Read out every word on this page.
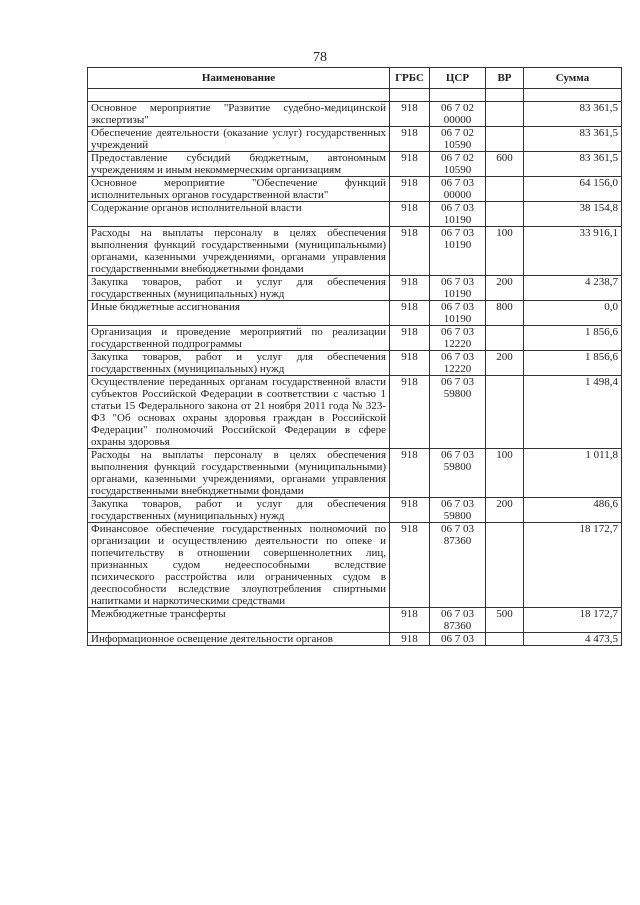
78
Наименование	ГРБС	ЦСР	ВР	Сумма

Основное мероприятие "Развитие судебно-медицинской экспертизы"	918	06 7 02 00000		83 361,5
Обеспечение деятельности (оказание услуг) государственных учреждений	918	06 7 02 10590		83 361,5
Предоставление субсидий бюджетным, автономным учреждениям и иным некоммерческим организациям	918	06 7 02 10590	600	83 361,5
Основное мероприятие "Обеспечение функций исполнительных органов государственной власти"	918	06 7 03 00000		64 156,0
Содержание органов исполнительной власти	918	06 7 03 10190		38 154,8
Расходы на выплаты персоналу в целях обеспечения выполнения функций государственными (муниципальными) органами, казенными учреждениями, органами управления государственными внебюджетными фондами	918	06 7 03 10190	100	33 916,1
Закупка товаров, работ и услуг для обеспечения государственных (муниципальных) нужд	918	06 7 03 10190	200	4 238,7
Иные бюджетные ассигнования	918	06 7 03 10190	800	0,0
Организация и проведение мероприятий по реализации государственной подпрограммы	918	06 7 03 12220		1 856,6
Закупка товаров, работ и услуг для обеспечения государственных (муниципальных) нужд	918	06 7 03 12220	200	1 856,6
Осуществление переданных органам государственной власти субъектов Российской Федерации в соответствии с частью 1 статьи 15 Федерального закона от 21 ноября 2011 года № 323-ФЗ "Об основах охраны здоровья граждан в Российской Федерации" полномочий Российской Федерации в сфере охраны здоровья	918	06 7 03 59800		1 498,4
Расходы на выплаты персоналу в целях обеспечения выполнения функций государственными (муниципальными) органами, казенными учреждениями, органами управления государственными внебюджетными фондами	918	06 7 03 59800	100	1 011,8
Закупка товаров, работ и услуг для обеспечения государственных (муниципальных) нужд	918	06 7 03 59800	200	486,6
Финансовое обеспечение государственных полномочий по организации и осуществлению деятельности по опеке и попечительству в отношении совершеннолетних лиц, признанных судом недееспособными вследствие психического расстройства или ограниченных судом в дееспособности вследствие злоупотребления спиртными напитками и наркотическими средствами	918	06 7 03 87360		18 172,7
Межбюджетные трансферты	918	06 7 03 87360	500	18 172,7
Информационное освещение деятельности органов	918	06 7 03		4 473,5
